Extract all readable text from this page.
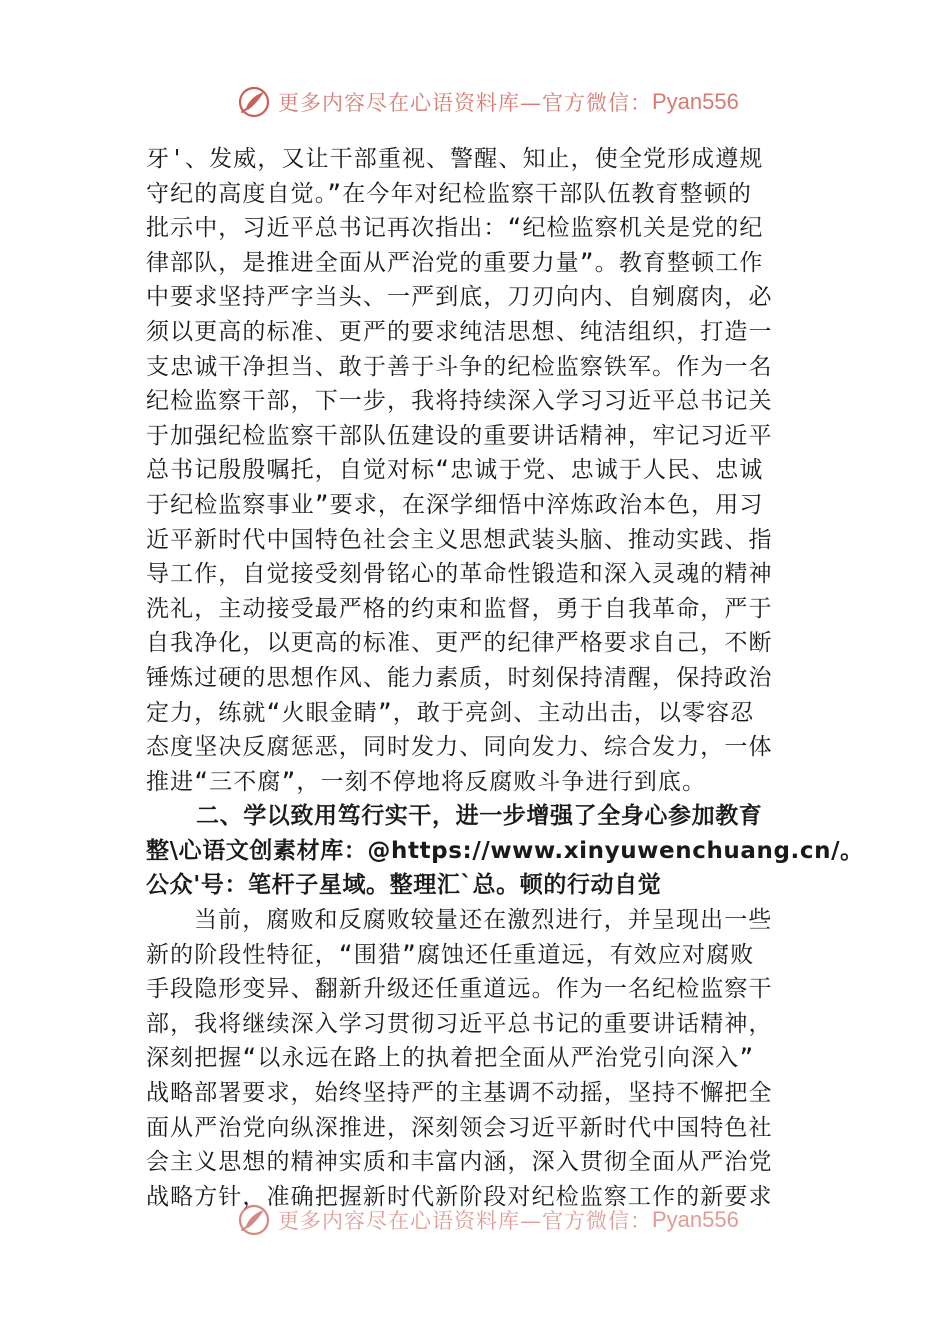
更多内容尽在心语资料库—官方微信： Pyan556
牙'、发威，又让干部重视、警醒、知止，使全党形成遵规
守纪的高度自觉。”在今年对纪检监察干部队伍教育整顿的
批示中，习近平总书记再次指出：“纪检监察机关是党的纪
律部队，是推进全面从严治党的重要力量”。教育整顿工作
中要求坚持严字当头、一严到底，刀刃向内、自剜腐肉，必
须以更高的标准、更严的要求纯洁思想、纯洁组织，打造一
支忠诚干净担当、敢于善于斗争的纪检监察铁军。作为一名
纪检监察干部，下一步，我将持续深入学习习近平总书记关
于加强纪检监察干部队伍建设的重要讲话精神，牢记习近平
总书记殷殷嘱托，自觉对标“忠诚于党、忠诚于人民、忠诚
于纪检监察事业”要求，在深学细悟中淬炼政治本色，用习
近平新时代中国特色社会主义思想武装头脑、推动实践、指
导工作，自觉接受刻骨铭心的革命性锻造和深入灵魂的精神
洗礼，主动接受最严格的约束和监督，勇于自我革命，严于
自我净化，以更高的标准、更严的纪律严格要求自己，不断
锤炼过硬的思想作风、能力素质，时刻保持清醒，保持政治
定力，练就“火眼金睛”，敢于亮剑、主动出击，以零容忍
态度坚决反腐惩恶，同时发力、同向发力、综合发力，一体
推进“三不腐”，一刻不停地将反腐败斗争进行到底。
二、学以致用笃行实干，进一步增强了全身心参加教育
整\心语文创素材库：@https://www.xinyuwenchuang.cn/。
公众'号：笔杆子星域。整理汇`总。顿的行动自觉
当前，腐败和反腐败较量还在激烈进行，并呈现出一些
新的阶段性特征，“围猎”腐蚀还任重道远，有效应对腐败
手段隐形变异、翻新升级还任重道远。作为一名纪检监察干
部，我将继续深入学习贯彻习近平总书记的重要讲话精神，
深刻把握“以永远在路上的执着把全面从严治党引向深入”
战略部署要求，始终坚持严的主基调不动摇，坚持不懈把全
面从严治党向纵深推进，深刻领会习近平新时代中国特色社
会主义思想的精神实质和丰富内涵，深入贯彻全面从严治党
战略方针，准确把握新时代新阶段对纪检监察工作的新要求
更多内容尽在心语资料库—官方微信： Pyan556
